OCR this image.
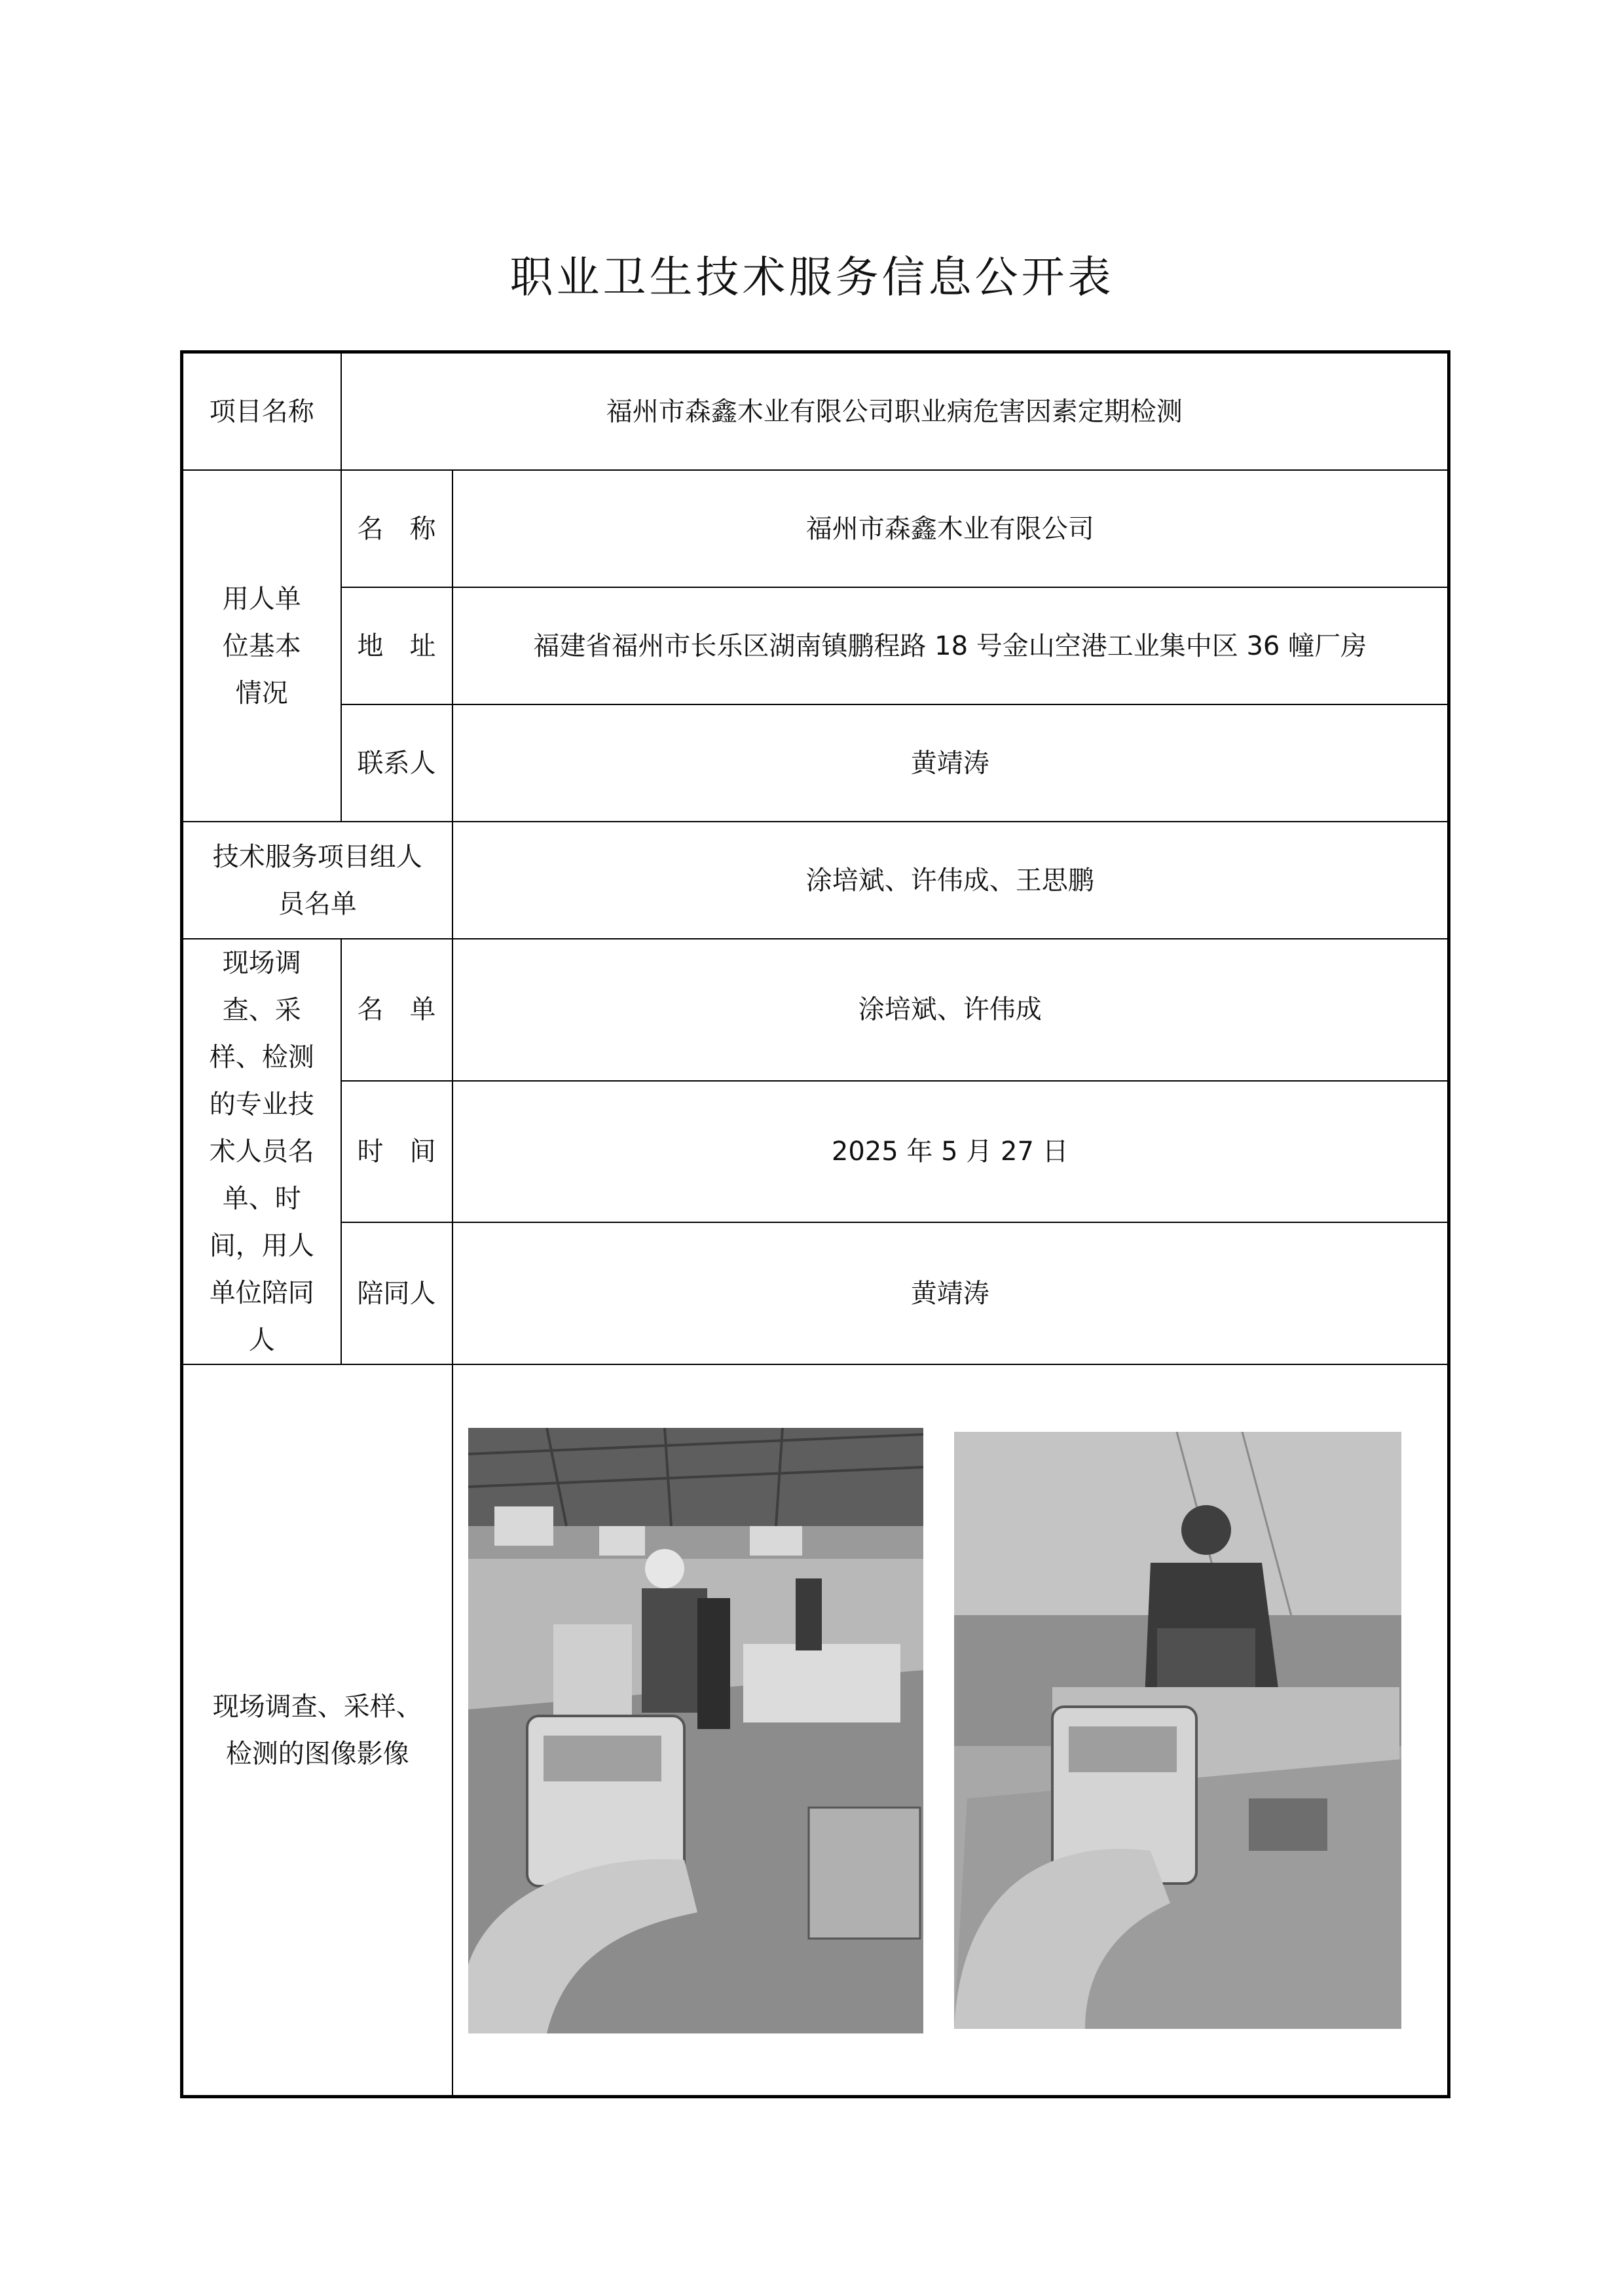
职业卫生技术服务信息公开表
项目名称	福州市森鑫木业有限公司职业病危害因素定期检测	
用人单位基本情况	名　称	福州市森鑫木业有限公司
	地　址	福建省福州市长乐区湖南镇鹏程路 18 号金山空港工业集中区 36 幢厂房
	联系人	黄靖涛
技术服务项目组人员名单		涂培斌、许伟成、王思鹏
现场调查、采样、检测的专业技术人员名单、时间，用人单位陪同人	名　单	涂培斌、许伟成
	时　间	2025 年 5 月 27 日
	陪同人	黄靖涛
现场调查、采样、检测的图像影像	
